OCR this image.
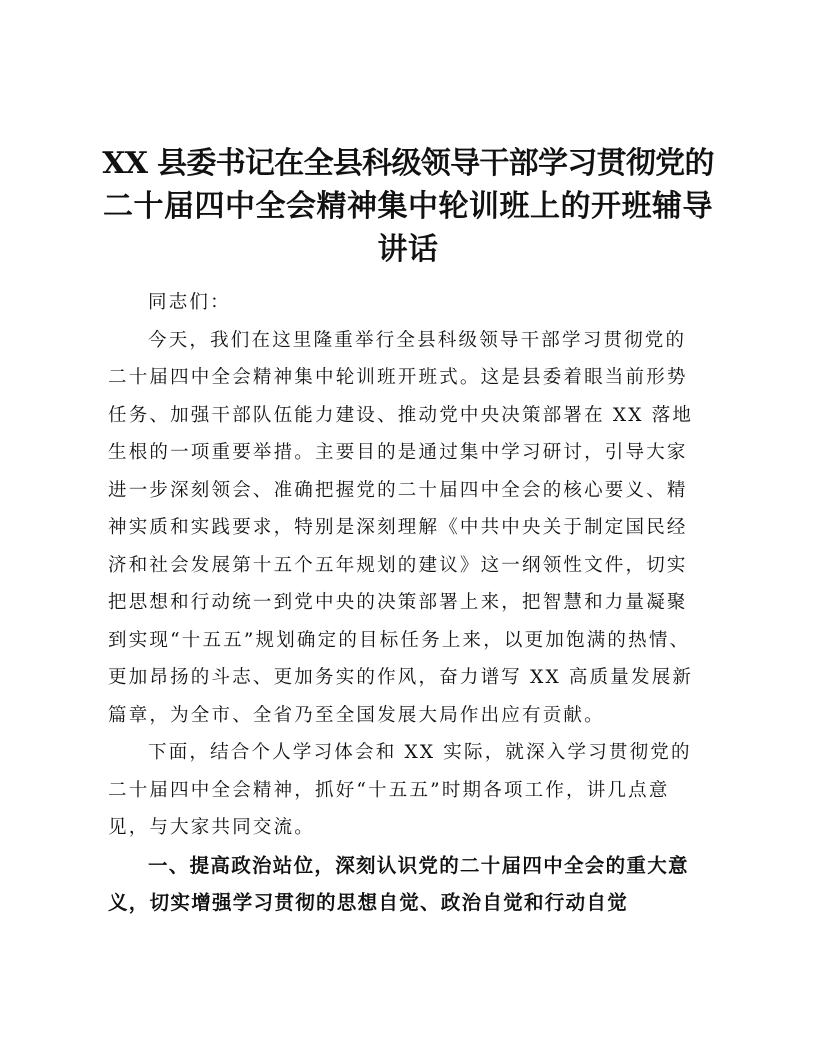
XX 县委书记在全县科级领导干部学习贯彻党的
二十届四中全会精神集中轮训班上的开班辅导
讲话
同志们：
今天，我们在这里隆重举行全县科级领导干部学习贯彻党的
二十届四中全会精神集中轮训班开班式。这是县委着眼当前形势
任务、加强干部队伍能力建设、推动党中央决策部署在 XX 落地
生根的一项重要举措。主要目的是通过集中学习研讨，引导大家
进一步深刻领会、准确把握党的二十届四中全会的核心要义、精
神实质和实践要求，特别是深刻理解《中共中央关于制定国民经
济和社会发展第十五个五年规划的建议》这一纲领性文件，切实
把思想和行动统一到党中央的决策部署上来，把智慧和力量凝聚
到实现“十五五”规划确定的目标任务上来，以更加饱满的热情、
更加昂扬的斗志、更加务实的作风，奋力谱写 XX 高质量发展新
篇章，为全市、全省乃至全国发展大局作出应有贡献。
下面，结合个人学习体会和 XX 实际，就深入学习贯彻党的
二十届四中全会精神，抓好“十五五”时期各项工作，讲几点意
见，与大家共同交流。
一、提高政治站位，深刻认识党的二十届四中全会的重大意
义，切实增强学习贯彻的思想自觉、政治自觉和行动自觉
